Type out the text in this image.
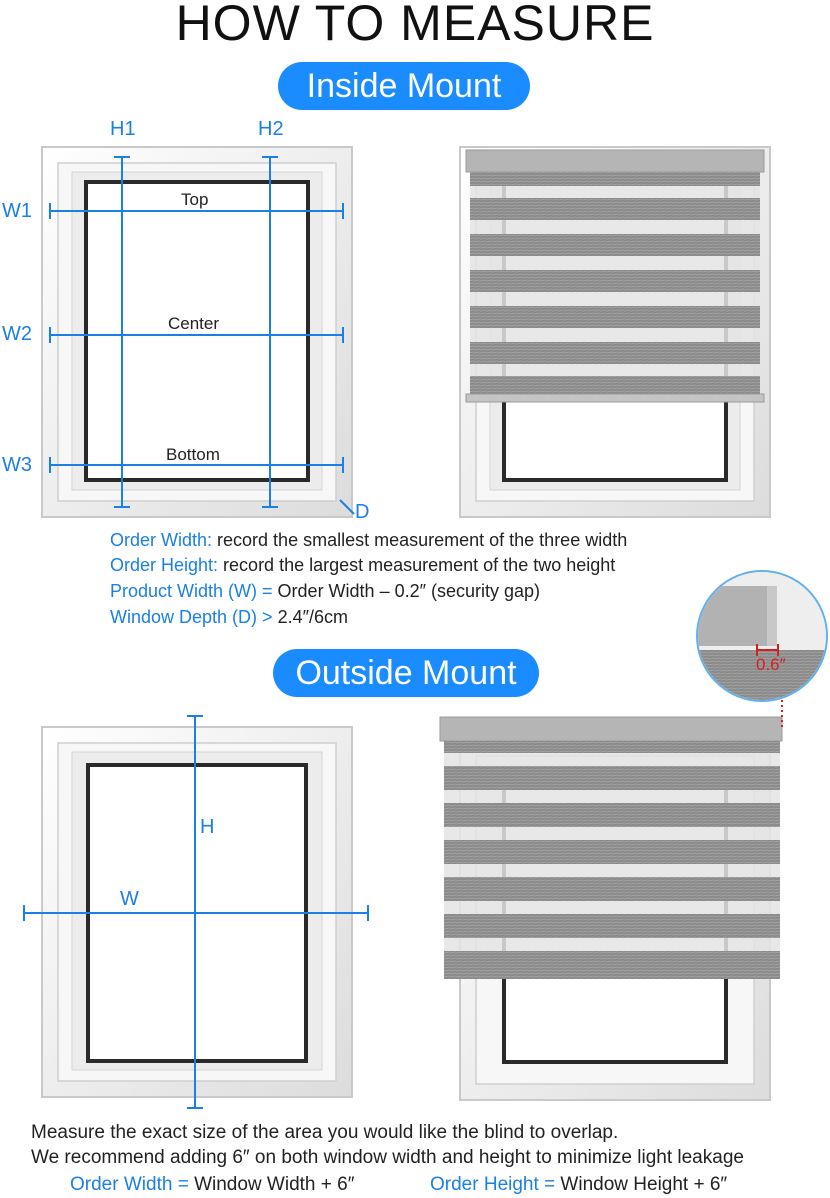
HOW TO MEASURE
Inside Mount
H1	H2
W1
W2
W3
D
Top
Center
Bottom
Order Width: record the smallest measurement of the three width
Order Height: record the largest measurement of the two height
Product Width (W) = Order Width – 0.2″ (security gap)
Window Depth (D) > 2.4″/6cm
Outside Mount	0.6″
H
W
Measure the exact size of the area you would like the blind to overlap.
We recommend adding 6″ on both window width and height to minimize light leakage
Order Width = Window Width + 6″	Order Height = Window Height + 6″
